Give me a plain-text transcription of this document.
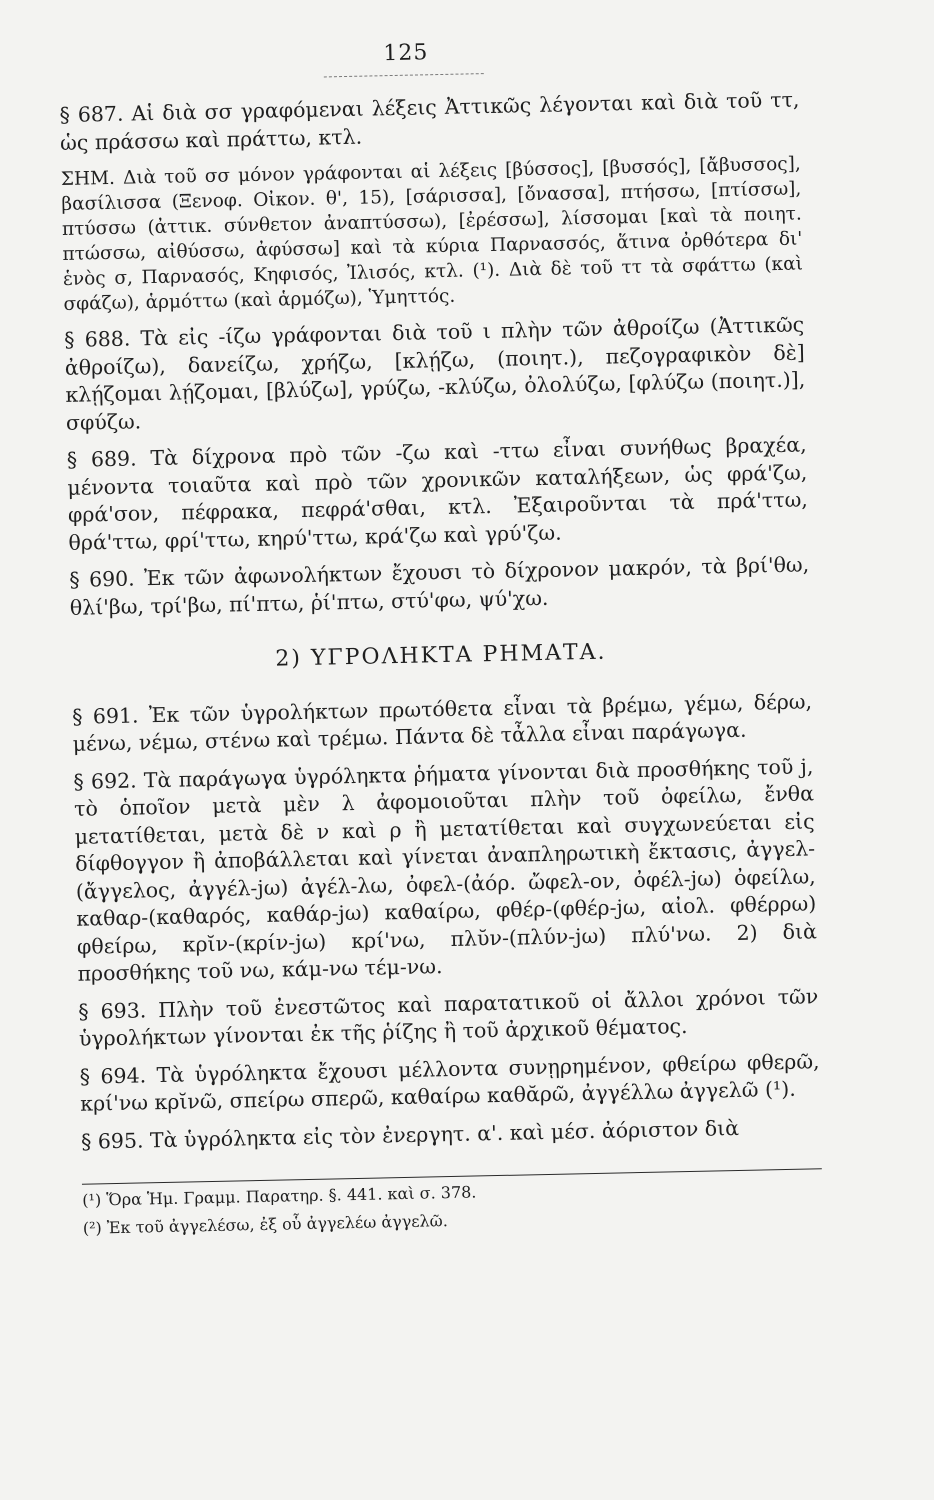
125

§ 687. Αἱ διὰ σσ γραφόμεναι λέξεις Ἀττικῶς λέγονται καὶ διὰ τοῦ ττ, ὡς πράσσω καὶ πράττω, κτλ.

ΣΗΜ. Διὰ τοῦ σσ μόνον γράφονται αἱ λέξεις [βύσσος], [βυσσός], [ἄβυσσος], βασίλισσα (Ξενοφ. Οἰκον. θ', 15), [σάρισσα], [ὄνασσα], πτήσσω, [πτίσσω], πτύσσω (ἀττικ. σύνθετον ἀναπτύσσω), [ἐρέσσω], λίσσομαι [καὶ τὰ ποιητ. πτώσσω, αἰθύσσω, ἀφύσσω] καὶ τὰ κύρια Παρνασσός, ἅτινα ὀρθότερα δι' ἑνὸς σ, Παρνασός, Κηφισός, Ἰλισός, κτλ. (¹). Διὰ δὲ τοῦ ττ τὰ σφάττω (καὶ σφάζω), ἁρμόττω (καὶ ἁρμόζω), Ὑμηττός.

§ 688. Τὰ εἰς -ίζω γράφονται διὰ τοῦ ι πλὴν τῶν ἀθροίζω (Ἀττικῶς ἀθροίζω), δανείζω, χρήζω, [κλῄζω, (ποιητ.), πεζογραφικὸν δὲ] κλῄζομαι λῄζομαι, [βλύζω], γρύζω, -κλύζω, ὀλολύζω, [φλύζω (ποιητ.)], σφύζω.

§ 689. Τὰ δίχρονα πρὸ τῶν -ζω καὶ -ττω εἶναι συνήθως βραχέα, μένοντα τοιαῦτα καὶ πρὸ τῶν χρονικῶν καταλήξεων, ὡς φρά'ζω, φρά'σον, πέφρακα, πεφρά'σθαι, κτλ. Ἐξαιροῦνται τὰ πρά'ττω, θρά'ττω, φρί'ττω, κηρύ'ττω, κρά'ζω καὶ γρύ'ζω.

§ 690. Ἐκ τῶν ἀφωνολήκτων ἔχουσι τὸ δίχρονον μακρόν, τὰ βρί'θω, θλί'βω, τρί'βω, πί'πτω, ῥί'πτω, στύ'φω, ψύ'χω.

2) ΥΓΡΟΛΗΚΤΑ ΡΗΜΑΤΑ.

§ 691. Ἐκ τῶν ὑγρολήκτων πρωτόθετα εἶναι τὰ βρέμω, γέμω, δέρω, μένω, νέμω, στένω καὶ τρέμω. Πάντα δὲ τἆλλα εἶναι παράγωγα.

§ 692. Τὰ παράγωγα ὑγρόληκτα ῥήματα γίνονται διὰ προσθήκης τοῦ j, τὸ ὁποῖον μετὰ μὲν λ ἀφομοιοῦται πλὴν τοῦ ὀφείλω, ἔνθα μετατίθεται, μετὰ δὲ ν καὶ ρ ἢ μετατίθεται καὶ συγχωνεύεται εἰς δίφθογγον ἢ ἀποβάλλεται καὶ γίνεται ἀναπληρωτικὴ ἔκτασις, ἀγγελ-(ἄγγελος, ἀγγέλ-jω) ἀγέλ-λω, ὀφελ-(ἀόρ. ὤφελ-ον, ὀφέλ-jω) ὀφείλω, καθαρ-(καθαρός, καθάρ-jω) καθαίρω, φθέρ-(φθέρ-jω, αἰολ. φθέρρω) φθείρω, κρῐν-(κρίν-jω) κρί'νω, πλῠν-(πλύν-jω) πλύ'νω. 2) διὰ προσθήκης τοῦ νω, κάμ-νω τέμ-νω.

§ 693. Πλὴν τοῦ ἐνεστῶτος καὶ παρατατικοῦ οἱ ἄλλοι χρόνοι τῶν ὑγρολήκτων γίνονται ἐκ τῆς ῥίζης ἢ τοῦ ἀρχικοῦ θέματος.

§ 694. Τὰ ὑγρόληκτα ἔχουσι μέλλοντα συνῃρημένον, φθείρω φθερῶ, κρί'νω κρῐνῶ, σπείρω σπερῶ, καθαίρω καθᾰρῶ, ἀγγέλλω ἀγγελῶ (¹).

§ 695. Τὰ ὑγρόληκτα εἰς τὸν ἐνεργητ. α'. καὶ μέσ. ἀόριστον διὰ

(¹) Ὅρα Ἡμ. Γραμμ. Παρατηρ. §. 441. καὶ σ. 378.

(²) Ἐκ τοῦ ἀγγελέσω, ἐξ οὗ ἀγγελέω ἀγγελῶ.
